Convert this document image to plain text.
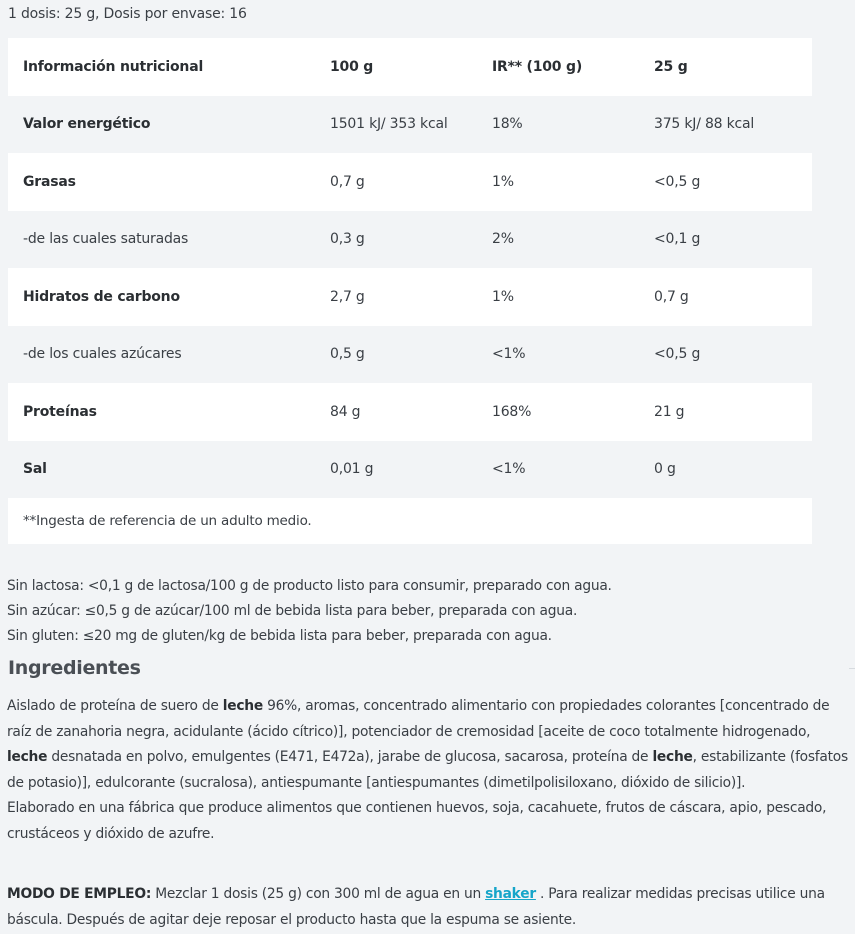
1 dosis: 25 g, Dosis por envase: 16
Información nutricional	100 g	IR** (100 g)	25 g
Valor energético	1501 kJ/ 353 kcal	18%	375 kJ/ 88 kcal
Grasas	0,7 g	1%	<0,5 g
-de las cuales saturadas	0,3 g	2%	<0,1 g
Hidratos de carbono	2,7 g	1%	0,7 g
-de los cuales azúcares	0,5 g	<1%	<0,5 g
Proteínas	84 g	168%	21 g
Sal	0,01 g	<1%	0 g
**Ingesta de referencia de un adulto medio.
Sin lactosa: <0,1 g de lactosa/100 g de producto listo para consumir, preparado con agua.
Sin azúcar: ≤0,5 g de azúcar/100 ml de bebida lista para beber, preparada con agua.
Sin gluten: ≤20 mg de gluten/kg de bebida lista para beber, preparada con agua.
Ingredientes

Aislado de proteína de suero de leche 96%, aromas, concentrado alimentario con propiedades colorantes [concentrado de raíz de zanahoria negra, acidulante (ácido cítrico)], potenciador de cremosidad [aceite de coco totalmente hidrogenado, leche desnatada en polvo, emulgentes (E471, E472a), jarabe de glucosa, sacarosa, proteína de leche, estabilizante (fosfatos de potasio)], edulcorante (sucralosa), antiespumante [antiespumantes (dimetilpolisiloxano, dióxido de silicio)].

Elaborado en una fábrica que produce alimentos que contienen huevos, soja, cacahuete, frutos de cáscara, apio, pescado, crustáceos y dióxido de azufre.

MODO DE EMPLEO: Mezclar 1 dosis (25 g) con 300 ml de agua en un shaker . Para realizar medidas precisas utilice una báscula. Después de agitar deje reposar el producto hasta que la espuma se asiente.
